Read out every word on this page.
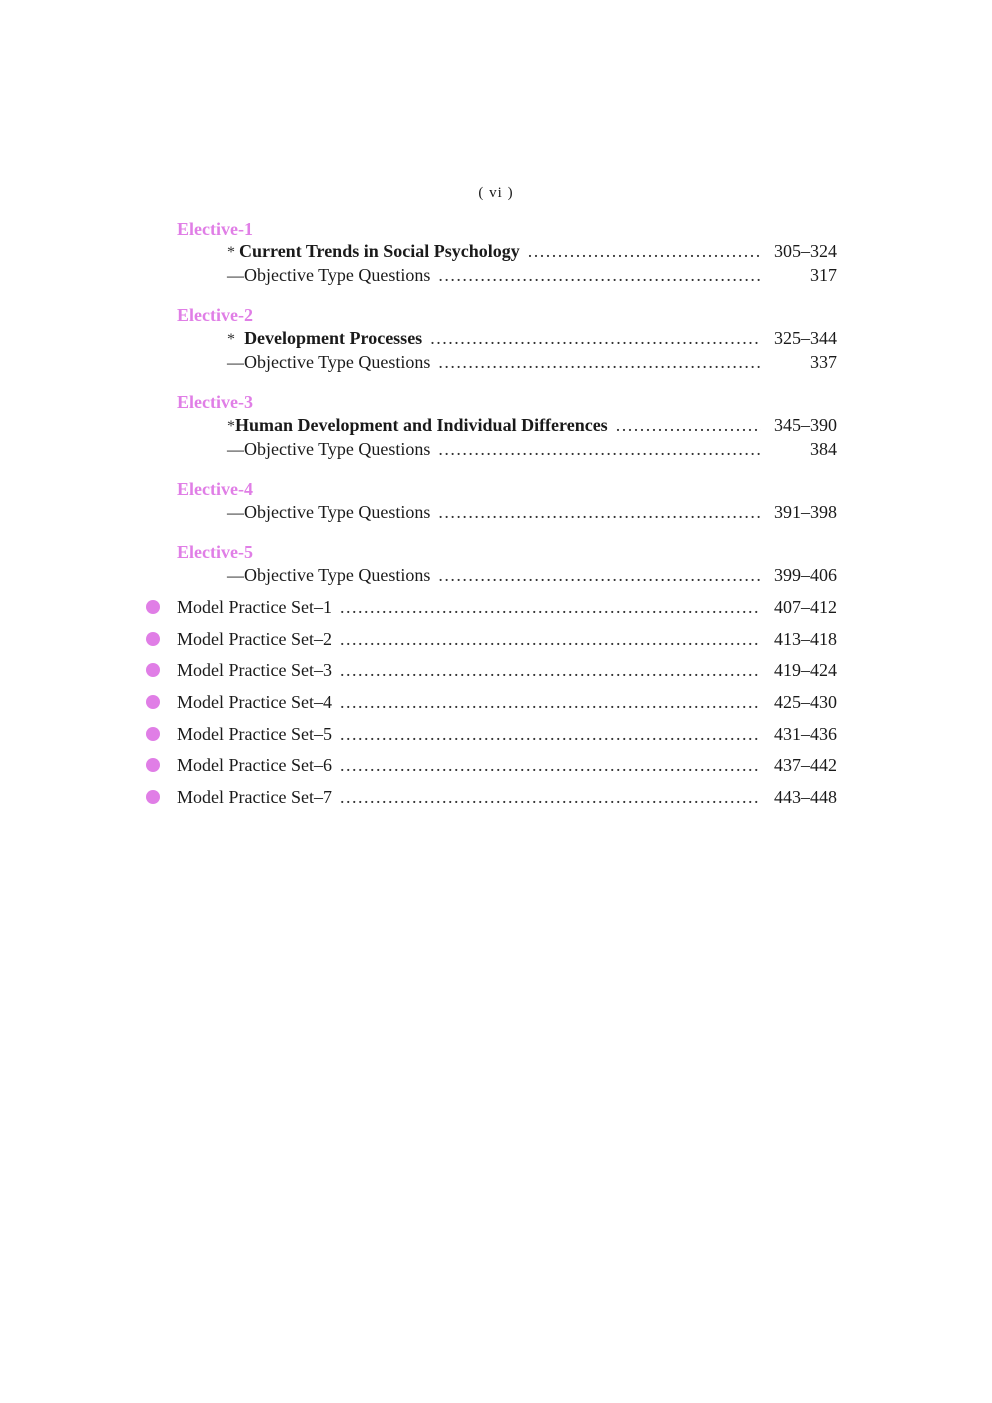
( vi )
Elective-1
* Current Trends in Social Psychology .....	305–324
— Objective Type Questions .....	317
Elective-2
* Development Processes .....	325–344
— Objective Type Questions .....	337
Elective-3
* Human Development and Individual Differences .....	345–390
— Objective Type Questions .....	384
Elective-4
— Objective Type Questions .....	391–398
Elective-5
— Objective Type Questions .....	399–406
Model Practice Set–1 .....	407–412
Model Practice Set–2 .....	413–418
Model Practice Set–3 .....	419–424
Model Practice Set–4 .....	425–430
Model Practice Set–5 .....	431–436
Model Practice Set–6 .....	437–442
Model Practice Set–7 .....	443–448
